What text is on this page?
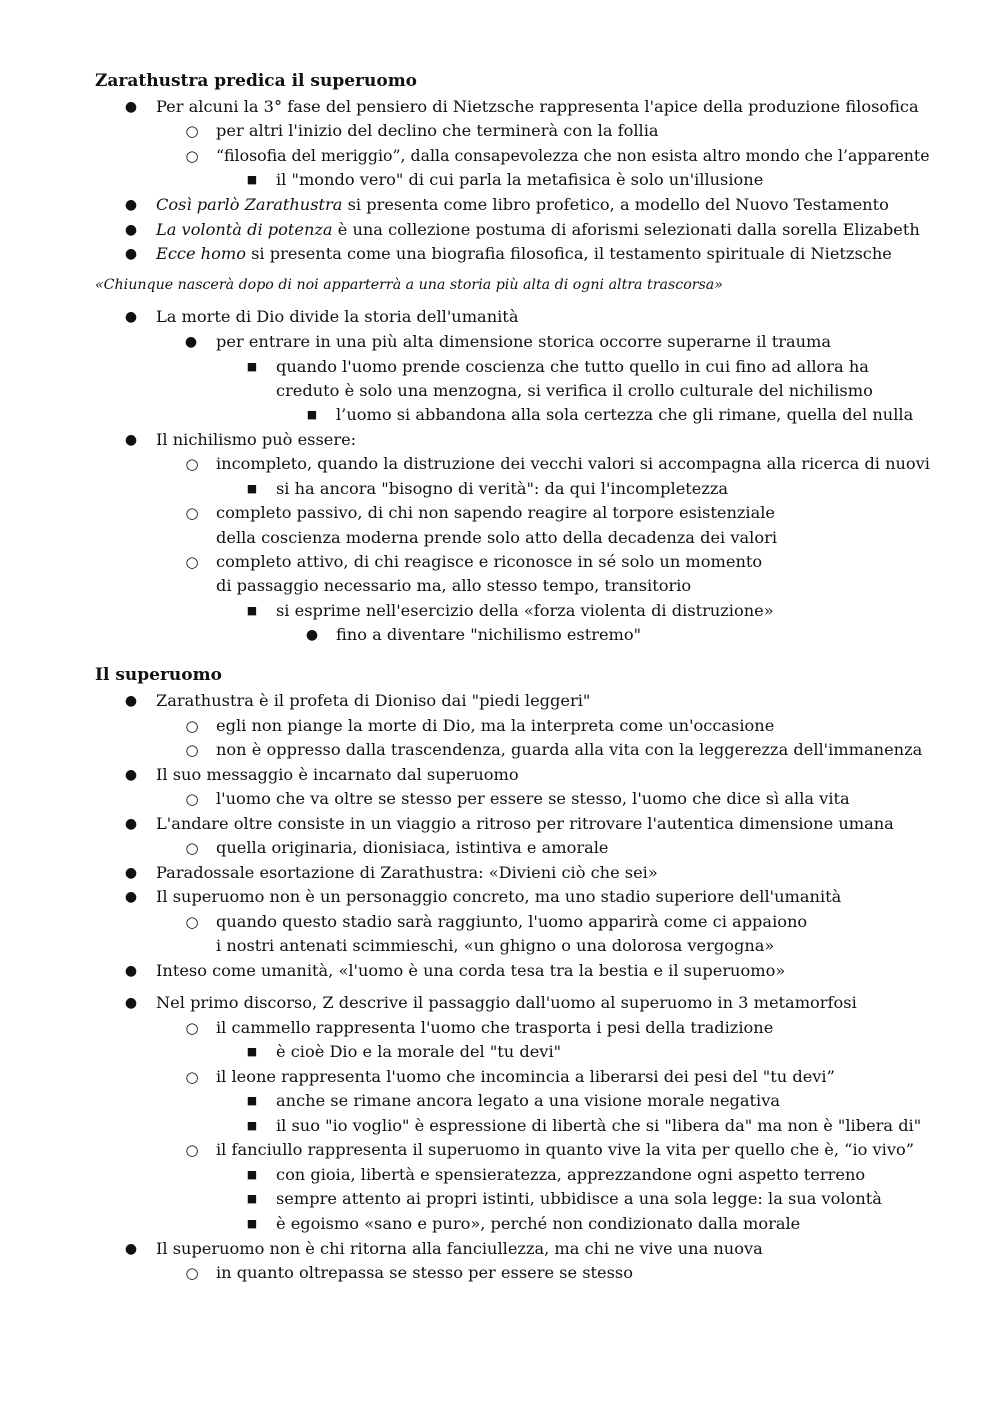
Zarathustra predica il superuomo
●	Per alcuni la 3° fase del pensiero di Nietzsche rappresenta l'apice della produzione filosofica
○ per altri l'inizio del declino che terminerà con la follia
○ “filosofia del meriggio”, dalla consapevolezza che non esista altro mondo che l’apparente
■	il "mondo vero" di cui parla la metafisica è solo un'illusione
●	Così parlò Zarathustra si presenta come libro profetico, a modello del Nuovo Testamento
●	La volontà di potenza è una collezione postuma di aforismi selezionati dalla sorella Elizabeth
●	Ecce homo si presenta come una biografia filosofica, il testamento spirituale di Nietzsche
«Chiunque nascerà dopo di noi apparterrà a una storia più alta di ogni altra trascorsa»
●	La morte di Dio divide la storia dell'umanità
●	per entrare in una più alta dimensione storica occorre superarne il trauma
■	quando l'uomo prende coscienza che tutto quello in cui fino ad allora ha
creduto è solo una menzogna, si verifica il crollo culturale del nichilismo
■	l’uomo si abbandona alla sola certezza che gli rimane, quella del nulla
●	Il nichilismo può essere:
○ incompleto, quando la distruzione dei vecchi valori si accompagna alla ricerca di nuovi
■	si ha ancora "bisogno di verità": da qui l'incompletezza
○ completo passivo, di chi non sapendo reagire al torpore esistenziale
della coscienza moderna prende solo atto della decadenza dei valori
○ completo attivo, di chi reagisce e riconosce in sé solo un momento
di passaggio necessario ma, allo stesso tempo, transitorio
■	si esprime nell'esercizio della «forza violenta di distruzione»
●	fino a diventare "nichilismo estremo"
Il superuomo
●	Zarathustra è il profeta di Dioniso dai "piedi leggeri"
○ egli non piange la morte di Dio, ma la interpreta come un'occasione
○ non è oppresso dalla trascendenza, guarda alla vita con la leggerezza dell'immanenza
●	Il suo messaggio è incarnato dal superuomo
○ l'uomo che va oltre se stesso per essere se stesso, l'uomo che dice sì alla vita
●	L'andare oltre consiste in un viaggio a ritroso per ritrovare l'autentica dimensione umana
○ quella originaria, dionisiaca, istintiva e amorale
●	Paradossale esortazione di Zarathustra: «Divieni ciò che sei»
●	Il superuomo non è un personaggio concreto, ma uno stadio superiore dell'umanità
○ quando questo stadio sarà raggiunto, l'uomo apparirà come ci appaiono
i nostri antenati scimmieschi, «un ghigno o una dolorosa vergogna»
●	Inteso come umanità, «l'uomo è una corda tesa tra la bestia e il superuomo»
●	Nel primo discorso, Z descrive il passaggio dall'uomo al superuomo in 3 metamorfosi
○ il cammello rappresenta l'uomo che trasporta i pesi della tradizione
■	è cioè Dio e la morale del "tu devi"
○ il leone rappresenta l'uomo che incomincia a liberarsi dei pesi del "tu devi”
■	anche se rimane ancora legato a una visione morale negativa
■	il suo "io voglio" è espressione di libertà che si "libera da" ma non è "libera di"
○ il fanciullo rappresenta il superuomo in quanto vive la vita per quello che è, “io vivo”
■	con gioia, libertà e spensieratezza, apprezzandone ogni aspetto terreno
■	sempre attento ai propri istinti, ubbidisce a una sola legge: la sua volontà
■	è egoismo «sano e puro», perché non condizionato dalla morale
●	Il superuomo non è chi ritorna alla fanciullezza, ma chi ne vive una nuova
○ in quanto oltrepassa se stesso per essere se stesso
